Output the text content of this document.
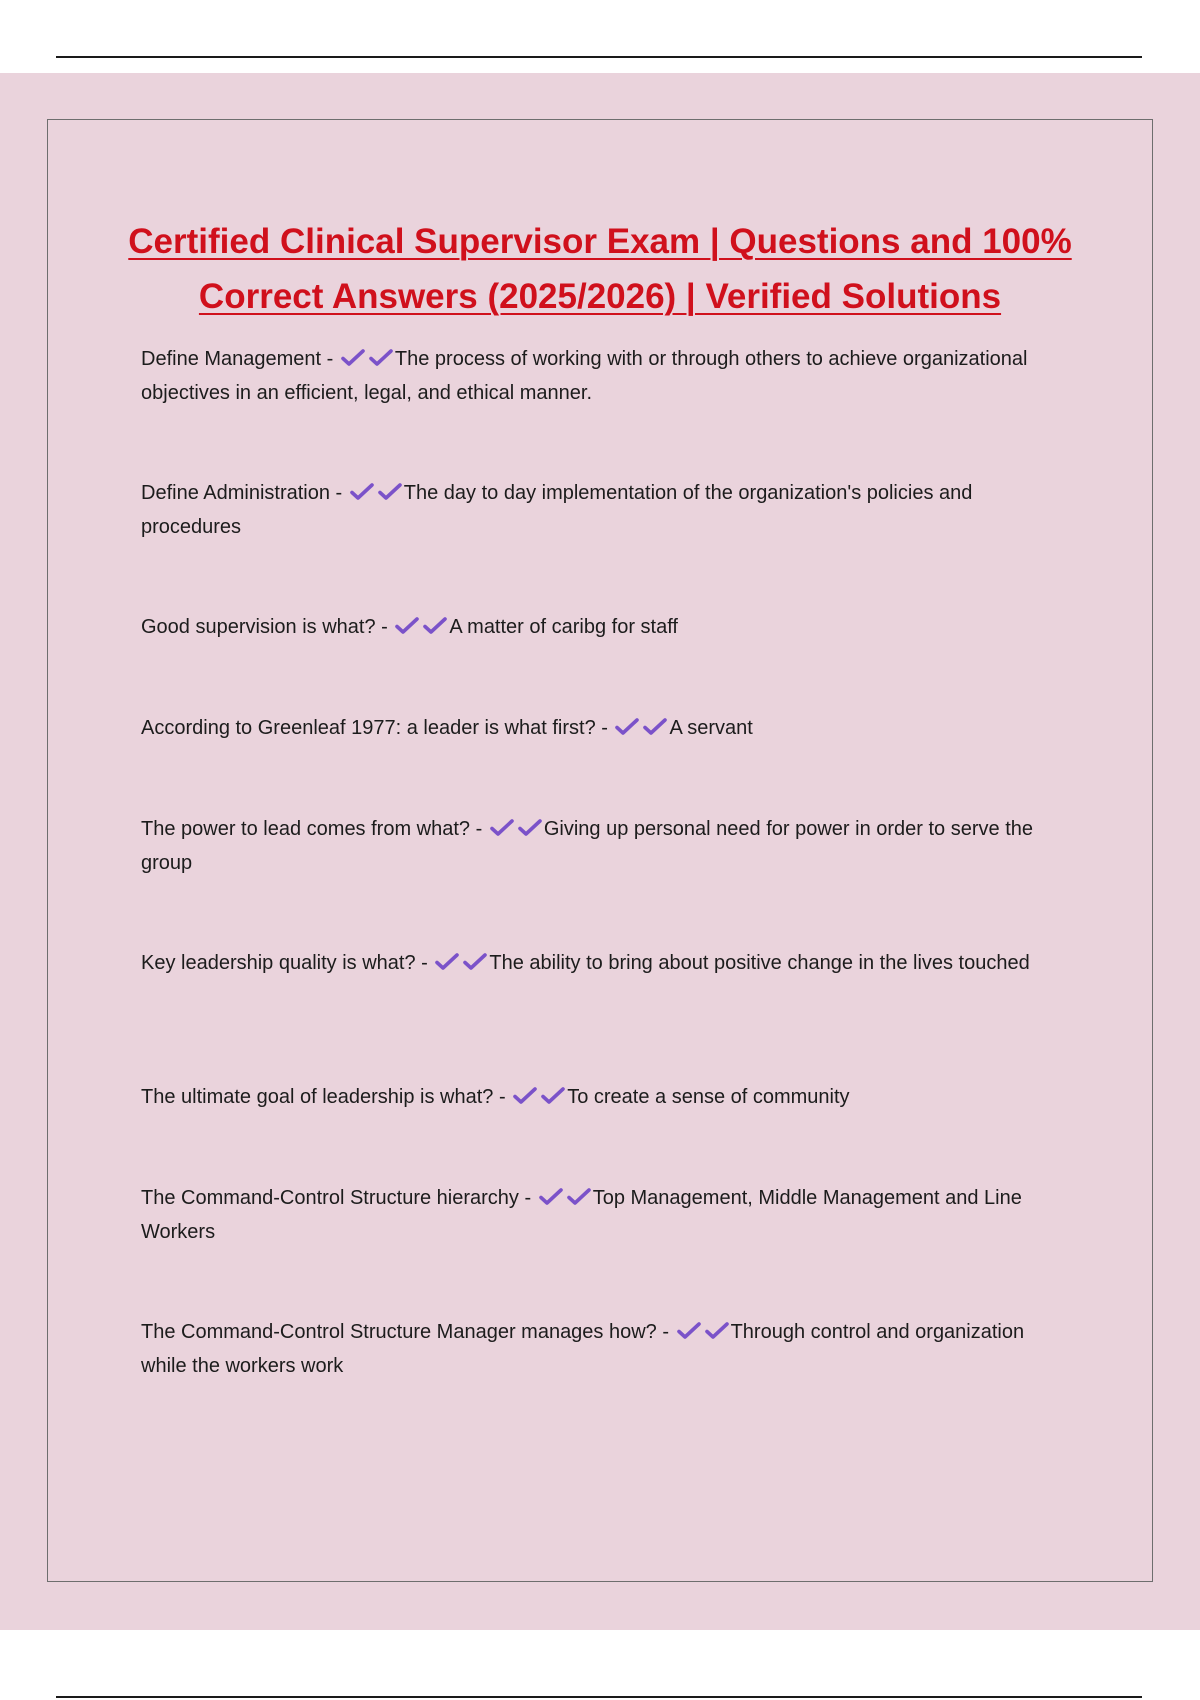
Certified Clinical Supervisor Exam | Questions and 100%
Correct Answers (2025/2026) | Verified Solutions

Define Management -	The process of working with or through others to achieve organizational objectives in an efficient, legal, and ethical manner.

Define Administration -	The day to day implementation of the organization's policies and procedures

Good supervision is what? -	A matter of caribg for staff

According to Greenleaf 1977: a leader is what first? -	A servant

The power to lead comes from what? -	Giving up personal need for power in order to serve the group

Key leadership quality is what? -	The ability to bring about positive change in the lives touched

The ultimate goal of leadership is what? -	To create a sense of community

The Command-Control Structure hierarchy -	Top Management, Middle Management and Line Workers

The Command-Control Structure Manager manages how? -	Through control and organization while the workers work
